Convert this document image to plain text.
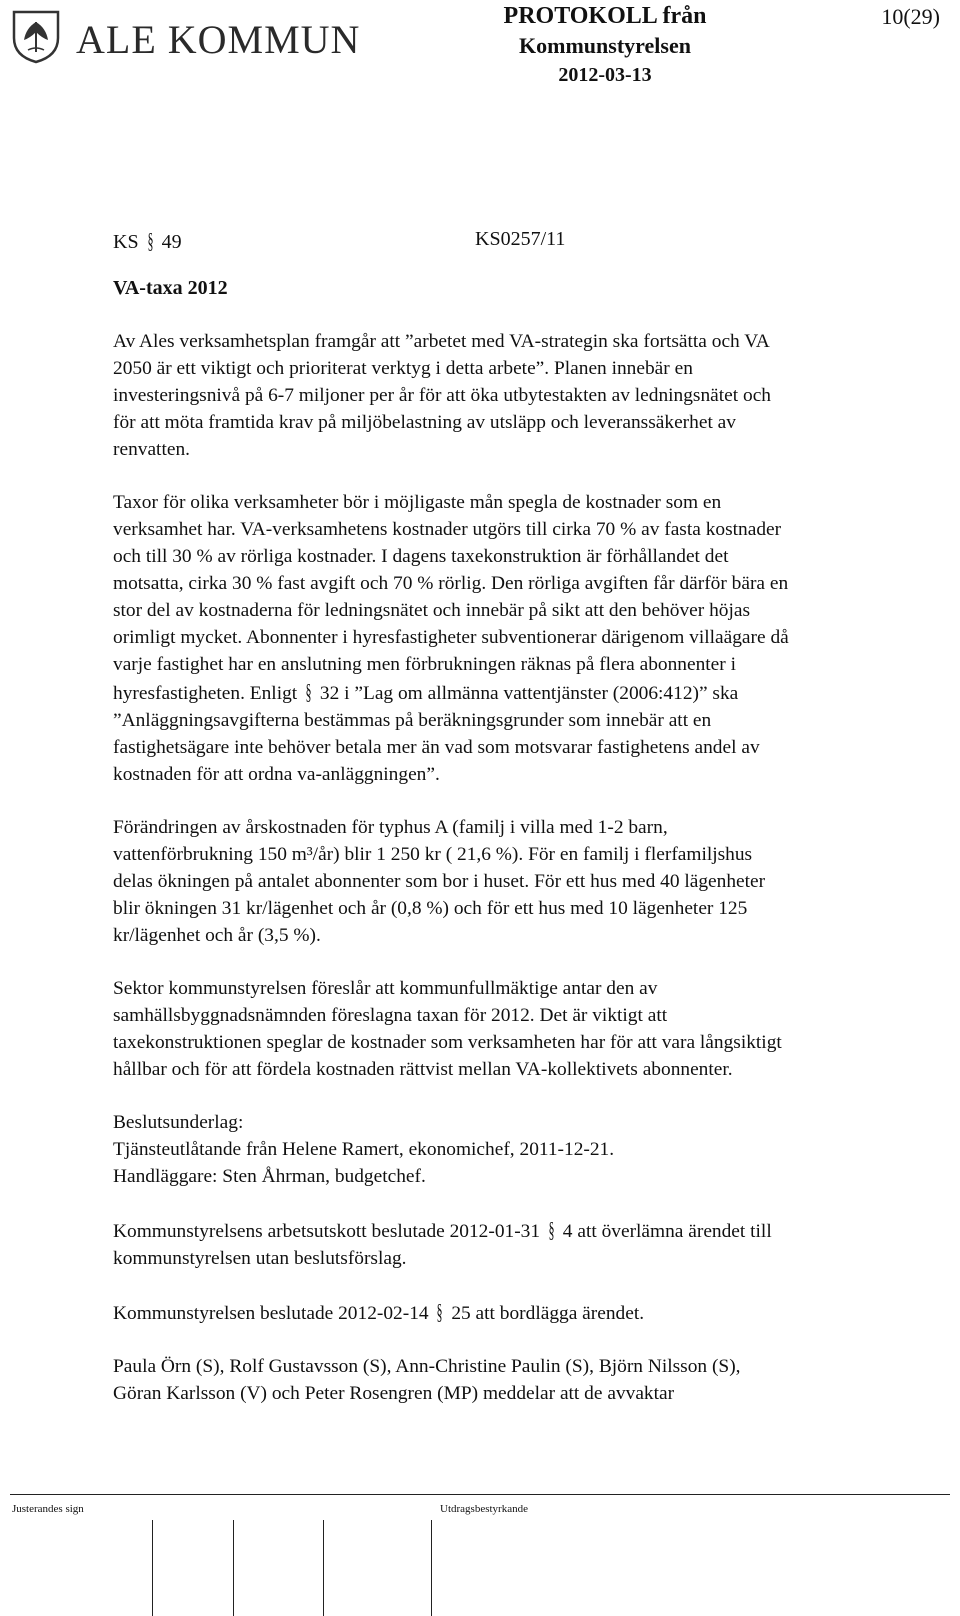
ALE KOMMUN
PROTOKOLL från
Kommunstyrelsen
2012-03-13
10(29)
KS § 49	KS0257/11
VA-taxa 2012

Av Ales verksamhetsplan framgår att ”arbetet med VA-strategin ska fortsätta och VA
2050 är ett viktigt och prioriterat verktyg i detta arbete”. Planen innebär en
investeringsnivå på 6-7 miljoner per år för att öka utbytestakten av ledningsnätet och
för att möta framtida krav på miljöbelastning av utsläpp och leveranssäkerhet av
renvatten.

Taxor för olika verksamheter bör i möjligaste mån spegla de kostnader som en
verksamhet har. VA-verksamhetens kostnader utgörs till cirka 70 % av fasta kostnader
och till 30 % av rörliga kostnader. I dagens taxekonstruktion är förhållandet det
motsatta, cirka 30 % fast avgift och 70 % rörlig. Den rörliga avgiften får därför bära en
stor del av kostnaderna för ledningsnätet och innebär på sikt att den behöver höjas
orimligt mycket. Abonnenter i hyresfastigheter subventionerar därigenom villaägare då
varje fastighet har en anslutning men förbrukningen räknas på flera abonnenter i
hyresfastigheten. Enligt § 32 i ”Lag om allmänna vattentjänster (2006:412)” ska
”Anläggningsavgifterna bestämmas på beräkningsgrunder som innebär att en
fastighetsägare inte behöver betala mer än vad som motsvarar fastighetens andel av
kostnaden för att ordna va-anläggningen”.

Förändringen av årskostnaden för typhus A (familj i villa med 1-2 barn,
vattenförbrukning 150 m³/år) blir 1 250 kr ( 21,6 %). För en familj i flerfamiljshus
delas ökningen på antalet abonnenter som bor i huset. För ett hus med 40 lägenheter
blir ökningen 31 kr/lägenhet och år (0,8 %) och för ett hus med 10 lägenheter 125
kr/lägenhet och år (3,5 %).

Sektor kommunstyrelsen föreslår att kommunfullmäktige antar den av
samhällsbyggnadsnämnden föreslagna taxan för 2012. Det är viktigt att
taxekonstruktionen speglar de kostnader som verksamheten har för att vara långsiktigt
hållbar och för att fördela kostnaden rättvist mellan VA-kollektivets abonnenter.

Beslutsunderlag:
Tjänsteutlåtande från Helene Ramert, ekonomichef, 2011-12-21.
Handläggare: Sten Åhrman, budgetchef.

Kommunstyrelsens arbetsutskott beslutade 2012-01-31 § 4 att överlämna ärendet till
kommunstyrelsen utan beslutsförslag.

Kommunstyrelsen beslutade 2012-02-14 § 25 att bordlägga ärendet.

Paula Örn (S), Rolf Gustavsson (S), Ann-Christine Paulin (S), Björn Nilsson (S),
Göran Karlsson (V) och Peter Rosengren (MP) meddelar att de avvaktar

Justerandes sign	Utdragsbestyrkande
